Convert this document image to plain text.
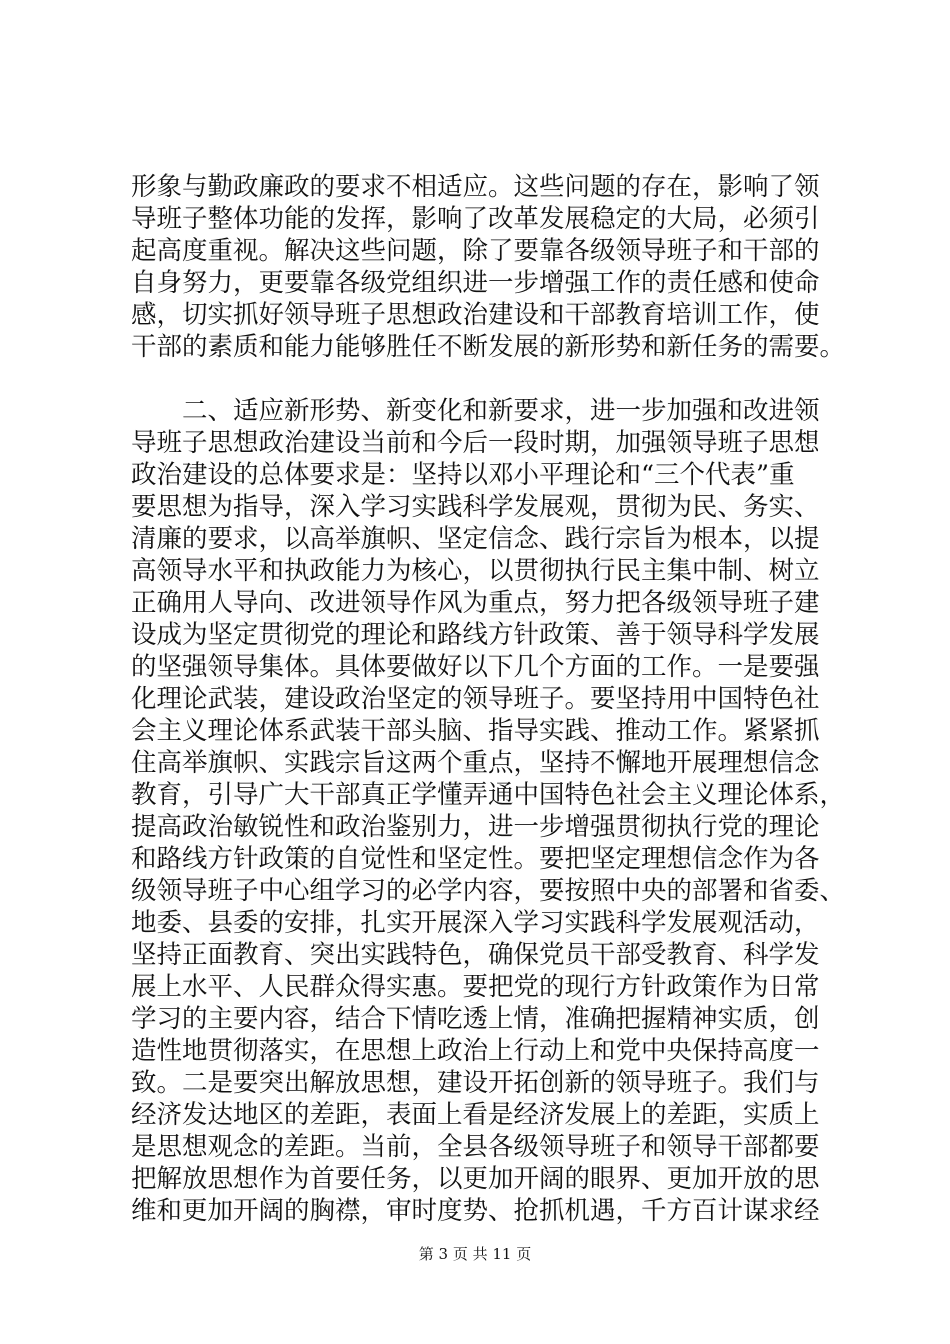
形象与勤政廉政的要求不相适应。这些问题的存在，影响了领
导班子整体功能的发挥，影响了改革发展稳定的大局，必须引
起高度重视。解决这些问题，除了要靠各级领导班子和干部的
自身努力，更要靠各级党组织进一步增强工作的责任感和使命
感，切实抓好领导班子思想政治建设和干部教育培训工作，使
干部的素质和能力能够胜任不断发展的新形势和新任务的需要。
　　二、适应新形势、新变化和新要求，进一步加强和改进领
导班子思想政治建设当前和今后一段时期，加强领导班子思想
政治建设的总体要求是：坚持以邓小平理论和“三个代表”重
要思想为指导，深入学习实践科学发展观，贯彻为民、务实、
清廉的要求，以高举旗帜、坚定信念、践行宗旨为根本，以提
高领导水平和执政能力为核心，以贯彻执行民主集中制、树立
正确用人导向、改进领导作风为重点，努力把各级领导班子建
设成为坚定贯彻党的理论和路线方针政策、善于领导科学发展
的坚强领导集体。具体要做好以下几个方面的工作。一是要强
化理论武装，建设政治坚定的领导班子。要坚持用中国特色社
会主义理论体系武装干部头脑、指导实践、推动工作。紧紧抓
住高举旗帜、实践宗旨这两个重点，坚持不懈地开展理想信念
教育，引导广大干部真正学懂弄通中国特色社会主义理论体系，
提高政治敏锐性和政治鉴别力，进一步增强贯彻执行党的理论
和路线方针政策的自觉性和坚定性。要把坚定理想信念作为各
级领导班子中心组学习的必学内容，要按照中央的部署和省委、
地委、县委的安排，扎实开展深入学习实践科学发展观活动，
坚持正面教育、突出实践特色，确保党员干部受教育、科学发
展上水平、人民群众得实惠。要把党的现行方针政策作为日常
学习的主要内容，结合下情吃透上情，准确把握精神实质，创
造性地贯彻落实，在思想上政治上行动上和党中央保持高度一
致。二是要突出解放思想，建设开拓创新的领导班子。我们与
经济发达地区的差距，表面上看是经济发展上的差距，实质上
是思想观念的差距。当前，全县各级领导班子和领导干部都要
把解放思想作为首要任务，以更加开阔的眼界、更加开放的思
维和更加开阔的胸襟，审时度势、抢抓机遇，千方百计谋求经
第 3 页 共 11 页
